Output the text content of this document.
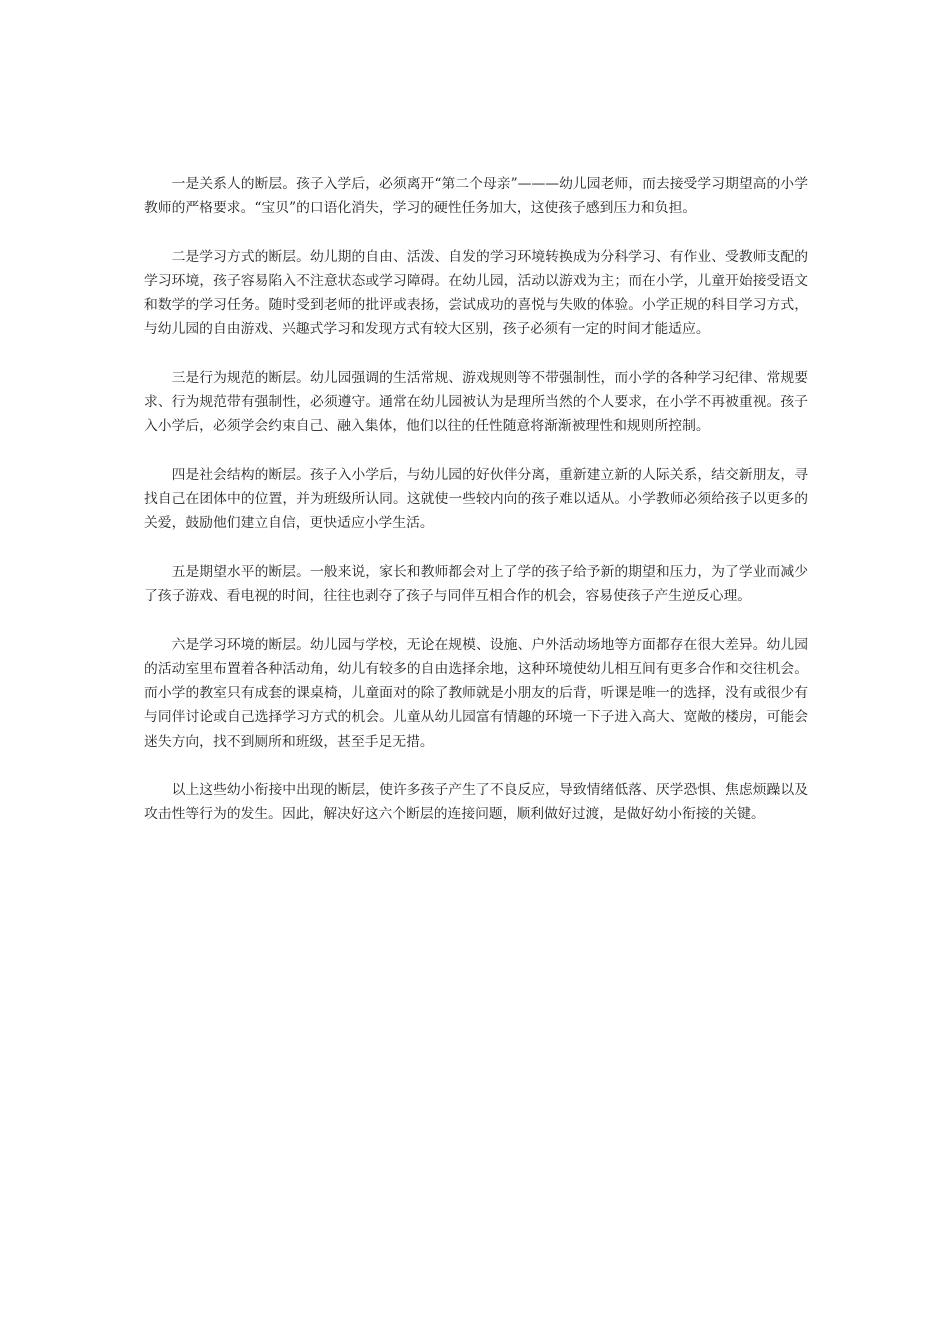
一是关系人的断层。孩子入学后，必须离开“第二个母亲”———幼儿园老师，而去接受学习期望高的小学教师的严格要求。“宝贝”的口语化消失，学习的硬性任务加大，这使孩子感到压力和负担。

二是学习方式的断层。幼儿期的自由、活泼、自发的学习环境转换成为分科学习、有作业、受教师支配的学习环境，孩子容易陷入不注意状态或学习障碍。在幼儿园，活动以游戏为主；而在小学，儿童开始接受语文和数学的学习任务。随时受到老师的批评或表扬，尝试成功的喜悦与失败的体验。小学正规的科目学习方式，与幼儿园的自由游戏、兴趣式学习和发现方式有较大区别，孩子必须有一定的时间才能适应。

三是行为规范的断层。幼儿园强调的生活常规、游戏规则等不带强制性，而小学的各种学习纪律、常规要求、行为规范带有强制性，必须遵守。通常在幼儿园被认为是理所当然的个人要求，在小学不再被重视。孩子入小学后，必须学会约束自己、融入集体，他们以往的任性随意将渐渐被理性和规则所控制。

四是社会结构的断层。孩子入小学后，与幼儿园的好伙伴分离，重新建立新的人际关系，结交新朋友，寻找自己在团体中的位置，并为班级所认同。这就使一些较内向的孩子难以适从。小学教师必须给孩子以更多的关爱，鼓励他们建立自信，更快适应小学生活。

五是期望水平的断层。一般来说，家长和教师都会对上了学的孩子给予新的期望和压力，为了学业而减少了孩子游戏、看电视的时间，往往也剥夺了孩子与同伴互相合作的机会，容易使孩子产生逆反心理。

六是学习环境的断层。幼儿园与学校，无论在规模、设施、户外活动场地等方面都存在很大差异。幼儿园的活动室里布置着各种活动角，幼儿有较多的自由选择余地，这种环境使幼儿相互间有更多合作和交往机会。而小学的教室只有成套的课桌椅，儿童面对的除了教师就是小朋友的后背，听课是唯一的选择，没有或很少有与同伴讨论或自己选择学习方式的机会。儿童从幼儿园富有情趣的环境一下子进入高大、宽敞的楼房，可能会迷失方向，找不到厕所和班级，甚至手足无措。

以上这些幼小衔接中出现的断层，使许多孩子产生了不良反应，导致情绪低落、厌学恐惧、焦虑烦躁以及攻击性等行为的发生。因此，解决好这六个断层的连接问题，顺利做好过渡，是做好幼小衔接的关键。
